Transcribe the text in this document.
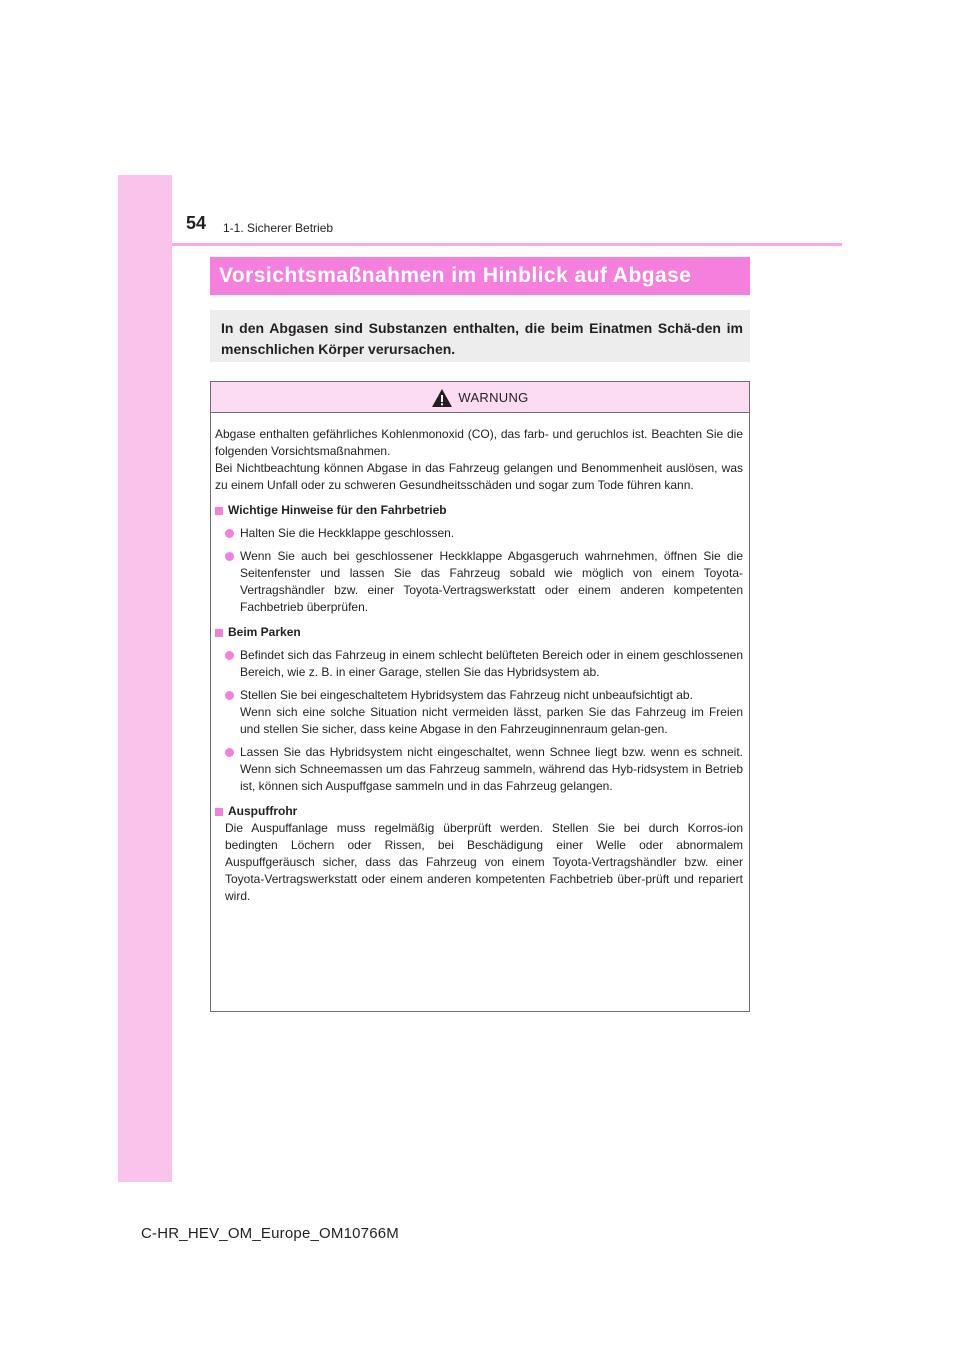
54 1-1. Sicherer Betrieb
Vorsichtsmaßnahmen im Hinblick auf Abgase
In den Abgasen sind Substanzen enthalten, die beim Einatmen Schä-den im menschlichen Körper verursachen.
WARNUNG

Abgase enthalten gefährliches Kohlenmonoxid (CO), das farb- und geruchlos ist. Beachten Sie die folgenden Vorsichtsmaßnahmen.

Bei Nichtbeachtung können Abgase in das Fahrzeug gelangen und Benommenheit auslösen, was zu einem Unfall oder zu schweren Gesundheitsschäden und sogar zum Tode führen kann.

Wichtige Hinweise für den Fahrbetrieb
Halten Sie die Heckklappe geschlossen.
Wenn Sie auch bei geschlossener Heckklappe Abgasgeruch wahrnehmen, öffnen Sie die Seitenfenster und lassen Sie das Fahrzeug sobald wie möglich von einem Toyota-Vertragshändler bzw. einer Toyota-Vertragswerkstatt oder einem anderen kompetenten Fachbetrieb überprüfen.
Beim Parken
Befindet sich das Fahrzeug in einem schlecht belüfteten Bereich oder in einem geschlossenen Bereich, wie z. B. in einer Garage, stellen Sie das Hybridsystem ab.
Stellen Sie bei eingeschaltetem Hybridsystem das Fahrzeug nicht unbeaufsichtigt ab.
Wenn sich eine solche Situation nicht vermeiden lässt, parken Sie das Fahrzeug im Freien und stellen Sie sicher, dass keine Abgase in den Fahrzeuginnenraum gelan-gen.
Lassen Sie das Hybridsystem nicht eingeschaltet, wenn Schnee liegt bzw. wenn es schneit. Wenn sich Schneemassen um das Fahrzeug sammeln, während das Hyb-ridsystem in Betrieb ist, können sich Auspuffgase sammeln und in das Fahrzeug gelangen.
Auspuffrohr

Die Auspuffanlage muss regelmäßig überprüft werden. Stellen Sie bei durch Korros-ion bedingten Löchern oder Rissen, bei Beschädigung einer Welle oder abnormalem Auspuffgeräusch sicher, dass das Fahrzeug von einem Toyota-Vertragshändler bzw. einer Toyota-Vertragswerkstatt oder einem anderen kompetenten Fachbetrieb über-prüft und repariert wird.

C-HR_HEV_OM_Europe_OM10766M
